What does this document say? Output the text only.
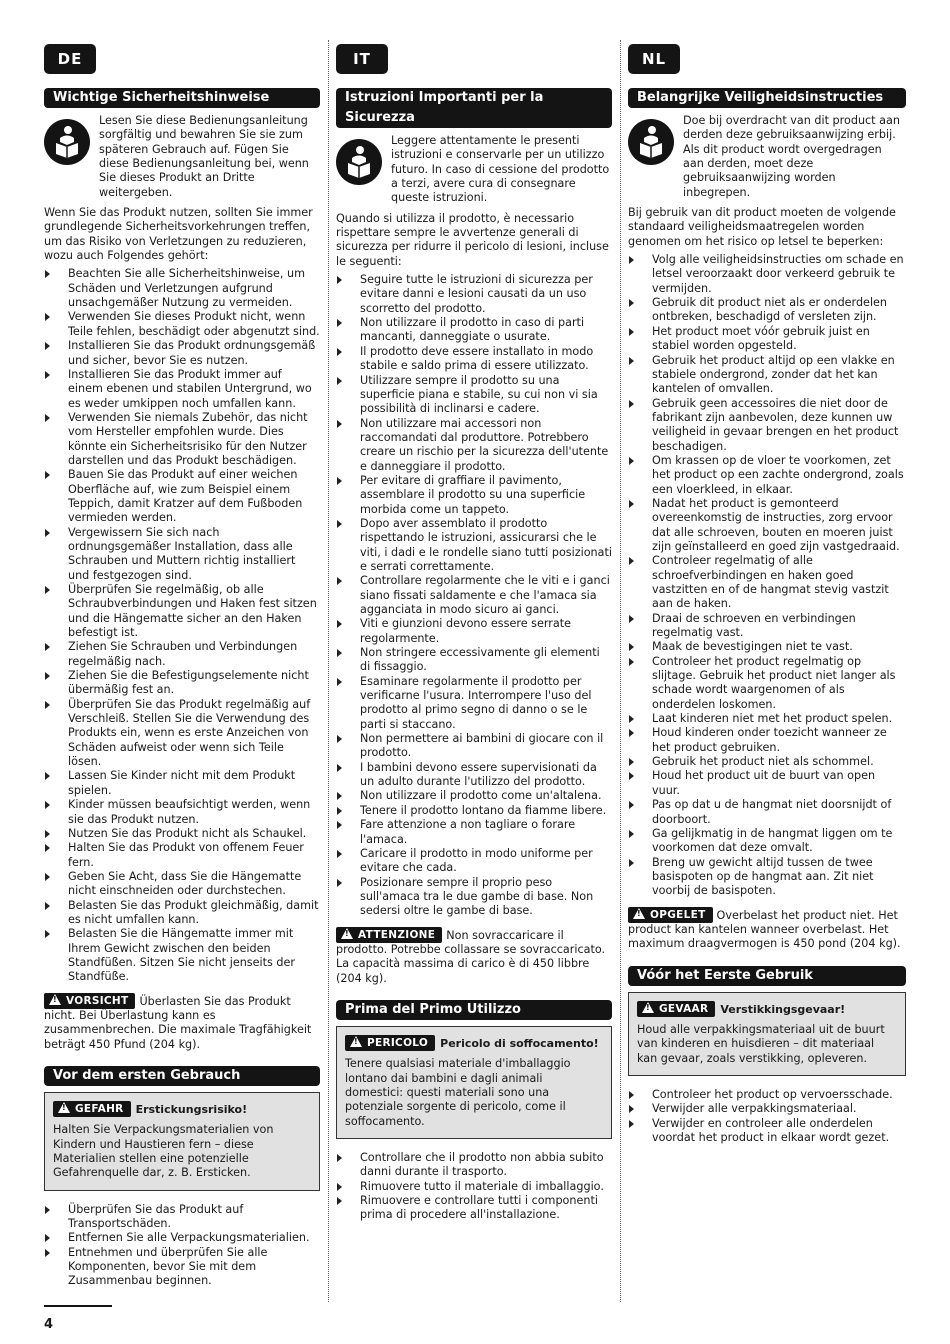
DE
Wichtige Sicherheitshinweise

Lesen Sie diese Bedienungsanleitung sorgfältig und bewahren Sie sie zum späteren Gebrauch auf. Fügen Sie diese Bedienungsanleitung bei, wenn Sie dieses Produkt an Dritte weitergeben.

Wenn Sie das Produkt nutzen, sollten Sie immer grundlegende Sicherheitsvorkehrungen treffen, um das Risiko von Verletzungen zu reduzieren, wozu auch Folgendes gehört:

Beachten Sie alle Sicherheitshinweise, um Schäden und Verletzungen aufgrund unsachgemäßer Nutzung zu vermeiden.
Verwenden Sie dieses Produkt nicht, wenn Teile fehlen, beschädigt oder abgenutzt sind.
Installieren Sie das Produkt ordnungsgemäß und sicher, bevor Sie es nutzen.
Installieren Sie das Produkt immer auf einem ebenen und stabilen Untergrund, wo es weder umkippen noch umfallen kann.
Verwenden Sie niemals Zubehör, das nicht vom Hersteller empfohlen wurde. Dies könnte ein Sicherheitsrisiko für den Nutzer darstellen und das Produkt beschädigen.
Bauen Sie das Produkt auf einer weichen Oberfläche auf, wie zum Beispiel einem Teppich, damit Kratzer auf dem Fußboden vermieden werden.
Vergewissern Sie sich nach ordnungsgemäßer Installation, dass alle Schrauben und Muttern richtig installiert und festgezogen sind.
Überprüfen Sie regelmäßig, ob alle Schraubverbindungen und Haken fest sitzen und die Hängematte sicher an den Haken befestigt ist.
Ziehen Sie Schrauben und Verbindungen regelmäßig nach.
Ziehen Sie die Befestigungselemente nicht übermäßig fest an.
Überprüfen Sie das Produkt regelmäßig auf Verschleiß. Stellen Sie die Verwendung des Produkts ein, wenn es erste Anzeichen von Schäden aufweist oder wenn sich Teile lösen.
Lassen Sie Kinder nicht mit dem Produkt spielen.
Kinder müssen beaufsichtigt werden, wenn sie das Produkt nutzen.
Nutzen Sie das Produkt nicht als Schaukel.
Halten Sie das Produkt von offenem Feuer fern.
Geben Sie Acht, dass Sie die Hängematte nicht einschneiden oder durchstechen.
Belasten Sie das Produkt gleichmäßig, damit es nicht umfallen kann.
Belasten Sie die Hängematte immer mit Ihrem Gewicht zwischen den beiden Standfüßen. Sitzen Sie nicht jenseits der Standfüße.
!VORSICHT Überlasten Sie das Produkt nicht. Bei Überlastung kann es zusammenbrechen. Die maximale Tragfähigkeit beträgt 450 Pfund (204 kg).
Vor dem ersten Gebrauch
!GEFAHR Erstickungsrisiko!
Halten Sie Verpackungsmaterialien von Kindern und Haustieren fern – diese Materialien stellen eine potenzielle Gefahrenquelle dar, z. B. Ersticken.
Überprüfen Sie das Produkt auf Transportschäden.
Entfernen Sie alle Verpackungsmaterialien.
Entnehmen und überprüfen Sie alle Komponenten, bevor Sie mit dem Zusammenbau beginnen.
IT
Istruzioni Importanti per la Sicurezza

Leggere attentamente le presenti istruzioni e conservarle per un utilizzo futuro. In caso di cessione del prodotto a terzi, avere cura di consegnare queste istruzioni.

Quando si utilizza il prodotto, è necessario rispettare sempre le avvertenze generali di sicurezza per ridurre il pericolo di lesioni, incluse le seguenti:

Seguire tutte le istruzioni di sicurezza per evitare danni e lesioni causati da un uso scorretto del prodotto.
Non utilizzare il prodotto in caso di parti mancanti, danneggiate o usurate.
Il prodotto deve essere installato in modo stabile e saldo prima di essere utilizzato.
Utilizzare sempre il prodotto su una superficie piana e stabile, su cui non vi sia possibilità di inclinarsi e cadere.
Non utilizzare mai accessori non raccomandati dal produttore. Potrebbero creare un rischio per la sicurezza dell'utente e danneggiare il prodotto.
Per evitare di graffiare il pavimento, assemblare il prodotto su una superficie morbida come un tappeto.
Dopo aver assemblato il prodotto rispettando le istruzioni, assicurarsi che le viti, i dadi e le rondelle siano tutti posizionati e serrati correttamente.
Controllare regolarmente che le viti e i ganci siano fissati saldamente e che l'amaca sia agganciata in modo sicuro ai ganci.
Viti e giunzioni devono essere serrate regolarmente.
Non stringere eccessivamente gli elementi di fissaggio.
Esaminare regolarmente il prodotto per verificarne l'usura. Interrompere l'uso del prodotto al primo segno di danno o se le parti si staccano.
Non permettere ai bambini di giocare con il prodotto.
I bambini devono essere supervisionati da un adulto durante l'utilizzo del prodotto.
Non utilizzare il prodotto come un'altalena.
Tenere il prodotto lontano da fiamme libere.
Fare attenzione a non tagliare o forare l'amaca.
Caricare il prodotto in modo uniforme per evitare che cada.
Posizionare sempre il proprio peso sull'amaca tra le due gambe di base. Non sedersi oltre le gambe di base.
!ATTENZIONE Non sovraccaricare il prodotto. Potrebbe collassare se sovraccaricato. La capacità massima di carico è di 450 libbre (204 kg).
Prima del Primo Utilizzo
!PERICOLO Pericolo di soffocamento!
Tenere qualsiasi materiale d'imballaggio lontano dai bambini e dagli animali domestici: questi materiali sono una potenziale sorgente di pericolo, come il soffocamento.
Controllare che il prodotto non abbia subito danni durante il trasporto.
Rimuovere tutto il materiale di imballaggio.
Rimuovere e controllare tutti i componenti prima di procedere all'installazione.
NL
Belangrijke Veiligheidsinstructies

Doe bij overdracht van dit product aan derden deze gebruiksaanwijzing erbij. Als dit product wordt overgedragen aan derden, moet deze gebruiksaanwijzing worden inbegrepen.

Bij gebruik van dit product moeten de volgende standaard veiligheidsmaatregelen worden genomen om het risico op letsel te beperken:

Volg alle veiligheidsinstructies om schade en letsel veroorzaakt door verkeerd gebruik te vermijden.
Gebruik dit product niet als er onderdelen ontbreken, beschadigd of versleten zijn.
Het product moet vóór gebruik juist en stabiel worden opgesteld.
Gebruik het product altijd op een vlakke en stabiele ondergrond, zonder dat het kan kantelen of omvallen.
Gebruik geen accessoires die niet door de fabrikant zijn aanbevolen, deze kunnen uw veiligheid in gevaar brengen en het product beschadigen.
Om krassen op de vloer te voorkomen, zet het product op een zachte ondergrond, zoals een vloerkleed, in elkaar.
Nadat het product is gemonteerd overeenkomstig de instructies, zorg ervoor dat alle schroeven, bouten en moeren juist zijn geïnstalleerd en goed zijn vastgedraaid.
Controleer regelmatig of alle schroefverbindingen en haken goed vastzitten en of de hangmat stevig vastzit aan de haken.
Draai de schroeven en verbindingen regelmatig vast.
Maak de bevestigingen niet te vast.
Controleer het product regelmatig op slijtage. Gebruik het product niet langer als schade wordt waargenomen of als onderdelen loskomen.
Laat kinderen niet met het product spelen.
Houd kinderen onder toezicht wanneer ze het product gebruiken.
Gebruik het product niet als schommel.
Houd het product uit de buurt van open vuur.
Pas op dat u de hangmat niet doorsnijdt of doorboort.
Ga gelijkmatig in de hangmat liggen om te voorkomen dat deze omvalt.
Breng uw gewicht altijd tussen de twee basispoten op de hangmat aan. Zit niet voorbij de basispoten.
!OPGELET Overbelast het product niet. Het product kan kantelen wanneer overbelast. Het maximum draagvermogen is 450 pond (204 kg).
Vóór het Eerste Gebruik
!GEVAAR Verstikkingsgevaar!
Houd alle verpakkingsmateriaal uit de buurt van kinderen en huisdieren – dit materiaal kan gevaar, zoals verstikking, opleveren.
Controleer het product op vervoersschade.
Verwijder alle verpakkingsmateriaal.
Verwijder en controleer alle onderdelen voordat het product in elkaar wordt gezet.
4
